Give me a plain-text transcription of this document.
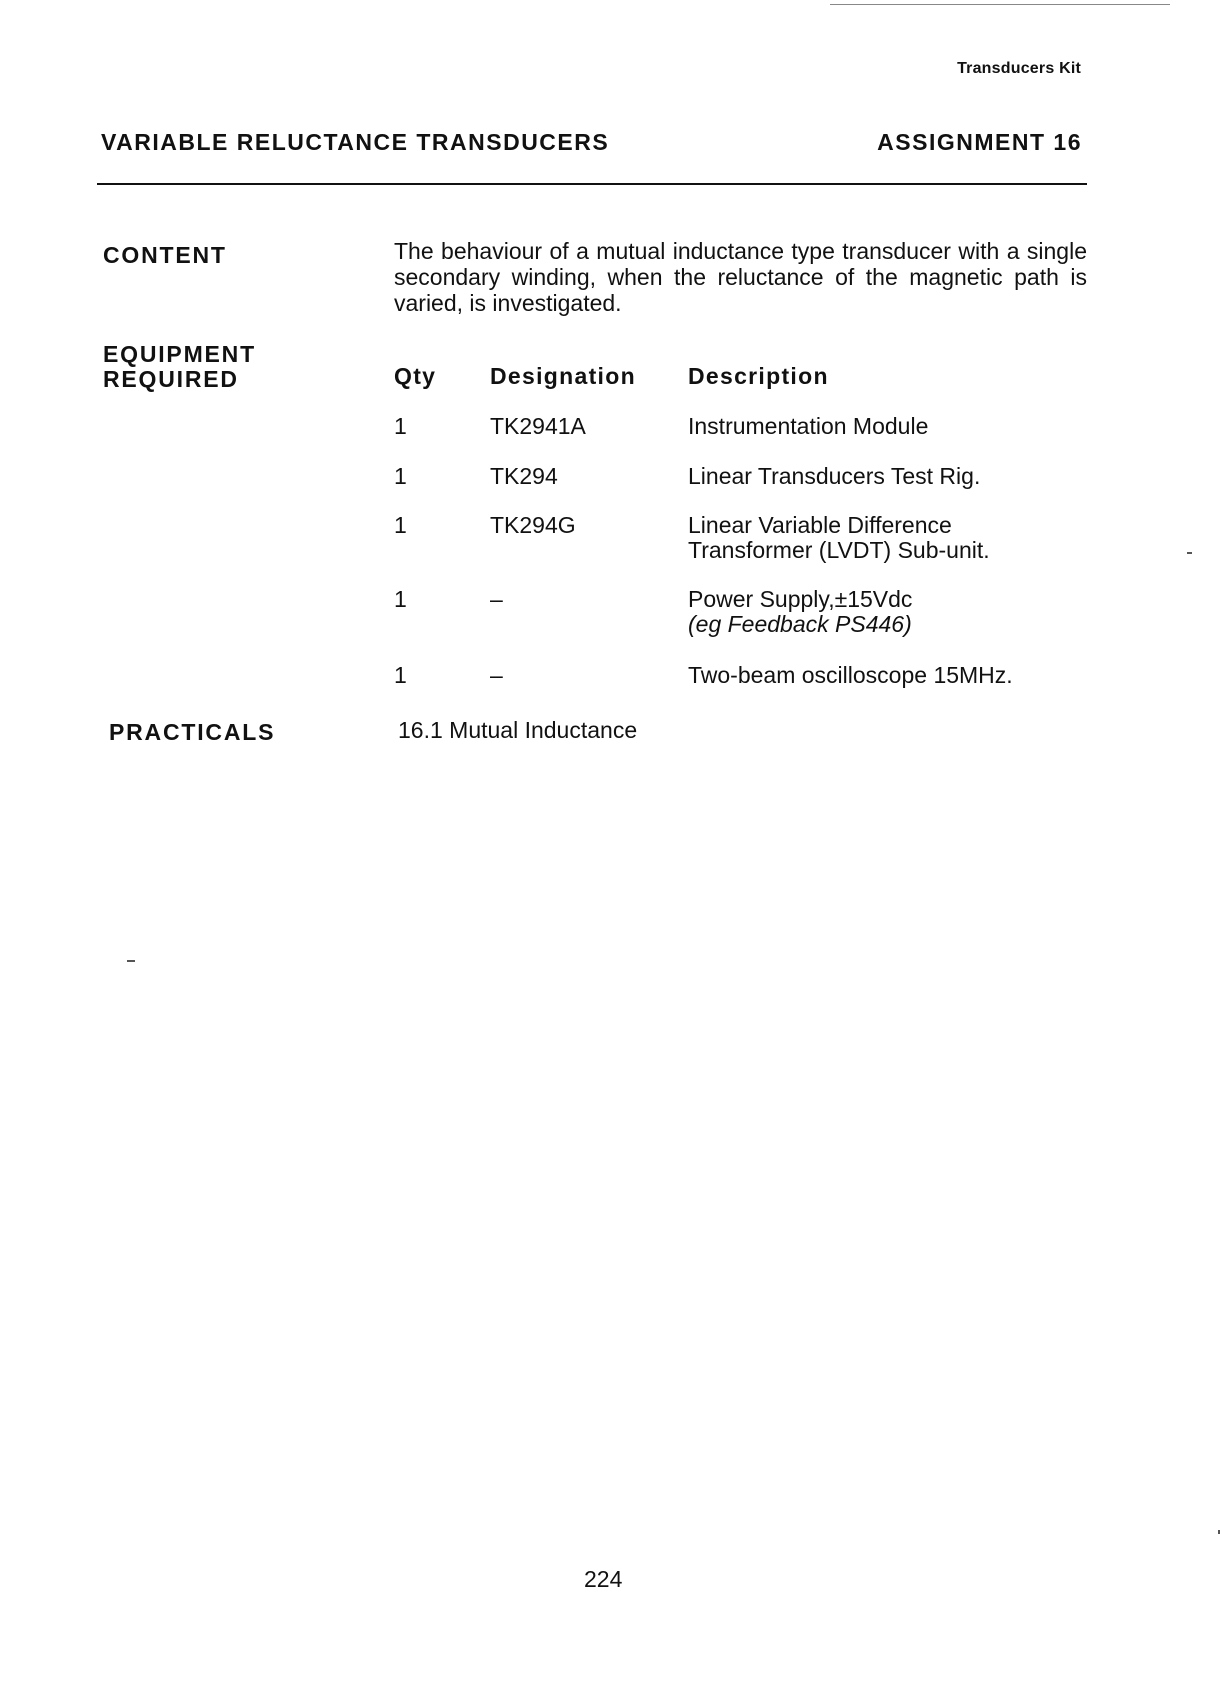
Transducers Kit
VARIABLE RELUCTANCE TRANSDUCERS	ASSIGNMENT 16
CONTENT	The behaviour of a mutual inductance type transducer with a single secondary winding, when the reluctance of the magnetic path is varied, is investigated.
EQUIPMENT
REQUIRED	Qty Designation Description
1	TK2941A	Instrumentation Module
1	TK294	Linear Transducers Test Rig.
1	TK294G	Linear Variable Difference
Transformer (LVDT) Sub-unit.
1	–	Power Supply,±15Vdc
(eg Feedback PS446)
1	–	Two-beam oscilloscope 15MHz.
PRACTICALS	16.1 Mutual Inductance
224
